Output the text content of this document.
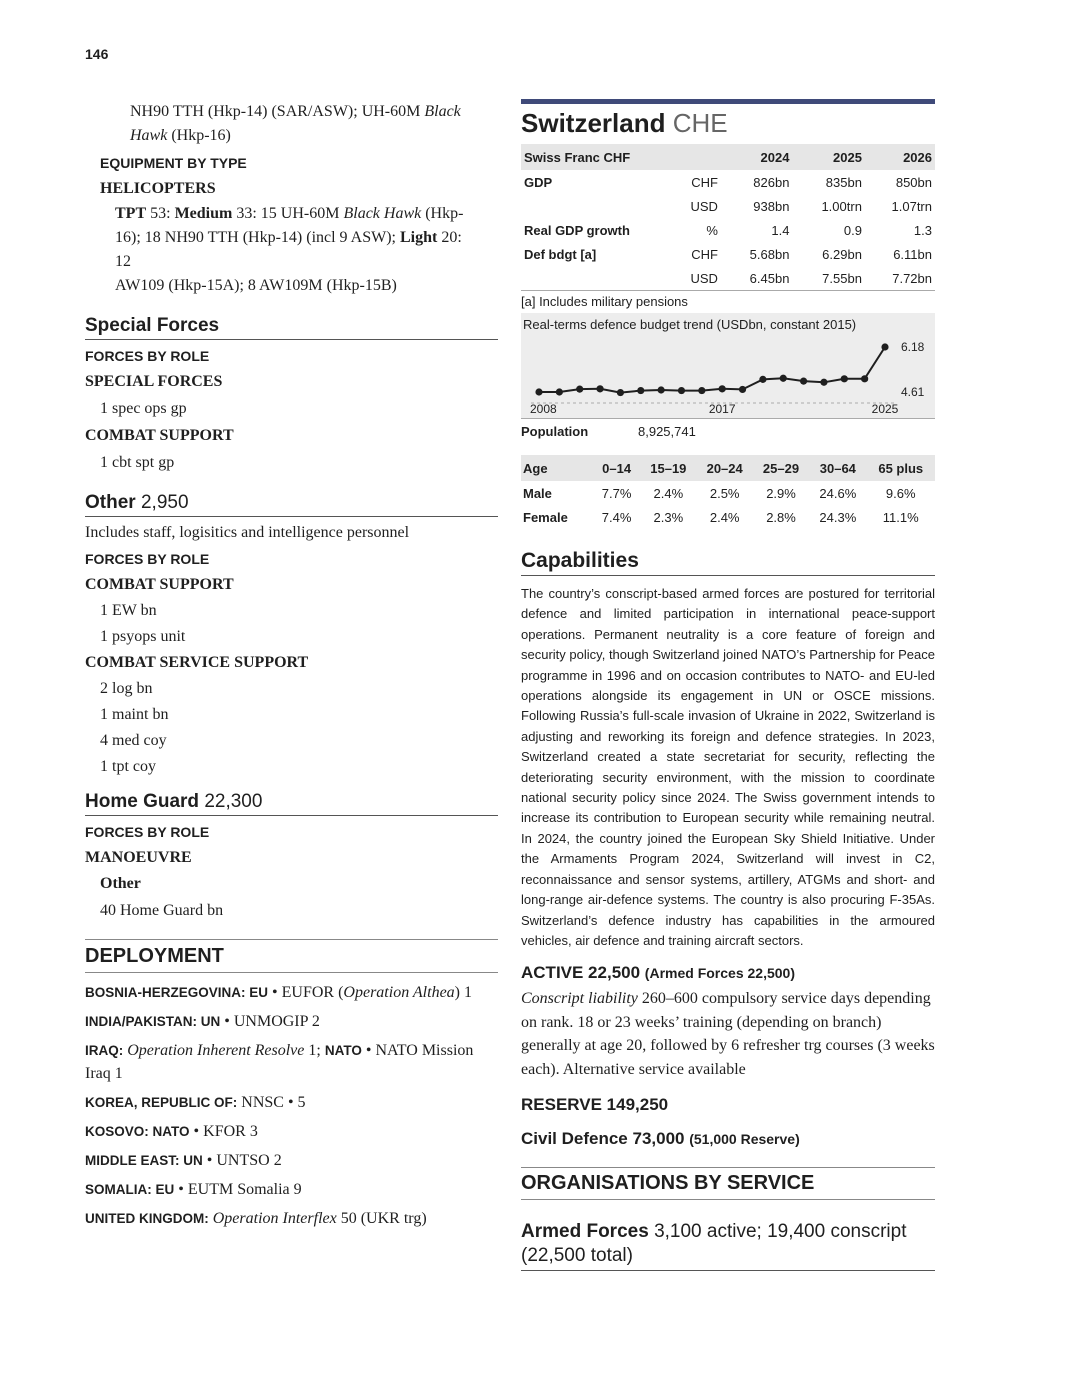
146
NH90 TTH (Hkp-14) (SAR/ASW); UH-60M Black
Hawk (Hkp-16)
EQUIPMENT BY TYPE
HELICOPTERS
TPT 53: Medium 33: 15 UH-60M Black Hawk (Hkp-
16); 18 NH90 TTH (Hkp-14) (incl 9 ASW); Light 20: 12
AW109 (Hkp-15A); 8 AW109M (Hkp-15B)
Special Forces
FORCES BY ROLE
SPECIAL FORCES
1 spec ops gp
COMBAT SUPPORT
1 cbt spt gp
Other 2,950
Includes staff, logisitics and intelligence personnel
FORCES BY ROLE
COMBAT SUPPORT
1 EW bn
1 psyops unit
COMBAT SERVICE SUPPORT
2 log bn
1 maint bn
4 med coy
1 tpt coy
Home Guard 22,300
FORCES BY ROLE
MANOEUVRE
Other
40 Home Guard bn
DEPLOYMENT
BOSNIA-HERZEGOVINA: EU • EUFOR (Operation Althea) 1
INDIA/PAKISTAN: UN • UNMOGIP 2
IRAQ: Operation Inherent Resolve 1; NATO • NATO Mission Iraq 1
KOREA, REPUBLIC OF: NNSC • 5
KOSOVO: NATO • KFOR 3
MIDDLE EAST: UN • UNTSO 2
SOMALIA: EU • EUTM Somalia 9
UNITED KINGDOM: Operation Interflex 50 (UKR trg)
Switzerland CHE
Swiss Franc CHF		2024	2025	2026
GDP	CHF	826bn	835bn	850bn
	USD	938bn	1.00trn	1.07trn
Real GDP growth	%	1.4	0.9	1.3
Def bdgt [a]	CHF	5.68bn	6.29bn	6.11bn
	USD	6.45bn	7.55bn	7.72bn
[a] Includes military pensions
Real-terms defence budget trend (USDbn, constant 2015)
6.18
4.61
2008	2017	2025
Population	8,925,741
Age	0–14	15–19	20–24	25–29	30–64	65 plus
Male	7.7%	2.4%	2.5%	2.9%	24.6%	9.6%
Female	7.4%	2.3%	2.4%	2.8%	24.3%	11.1%
Capabilities
The country’s conscript-based armed forces are postured for territorial defence and limited participation in international peace-support operations. Permanent neutrality is a core feature of foreign and security policy, though Switzerland joined NATO’s Partnership for Peace programme in 1996 and on occasion contributes to NATO- and EU-led operations alongside its engagement in UN or OSCE missions. Following Russia’s full-scale invasion of Ukraine in 2022, Switzerland is adjusting and reworking its foreign and defence strategies. In 2023, Switzerland created a state secretariat for security, reflecting the deteriorating security environment, with the mission to coordinate national security policy since 2024. The Swiss government intends to increase its contribution to European security while remaining neutral. In 2024, the country joined the European Sky Shield Initiative. Under the Armaments Program 2024, Switzerland will invest in C2, reconnaissance and sensor systems, artillery, ATGMs and short- and long-range air-defence systems. The country is also procuring F-35As. Switzerland’s defence industry has capabilities in the armoured vehicles, air defence and training aircraft sectors.
ACTIVE 22,500 (Armed Forces 22,500)
Conscript liability 260–600 compulsory service days depending on rank. 18 or 23 weeks’ training (depending on branch) generally at age 20, followed by 6 refresher trg courses (3 weeks each). Alternative service available
RESERVE 149,250
Civil Defence 73,000 (51,000 Reserve)
ORGANISATIONS BY SERVICE
Armed Forces 3,100 active; 19,400 conscript (22,500 total)
